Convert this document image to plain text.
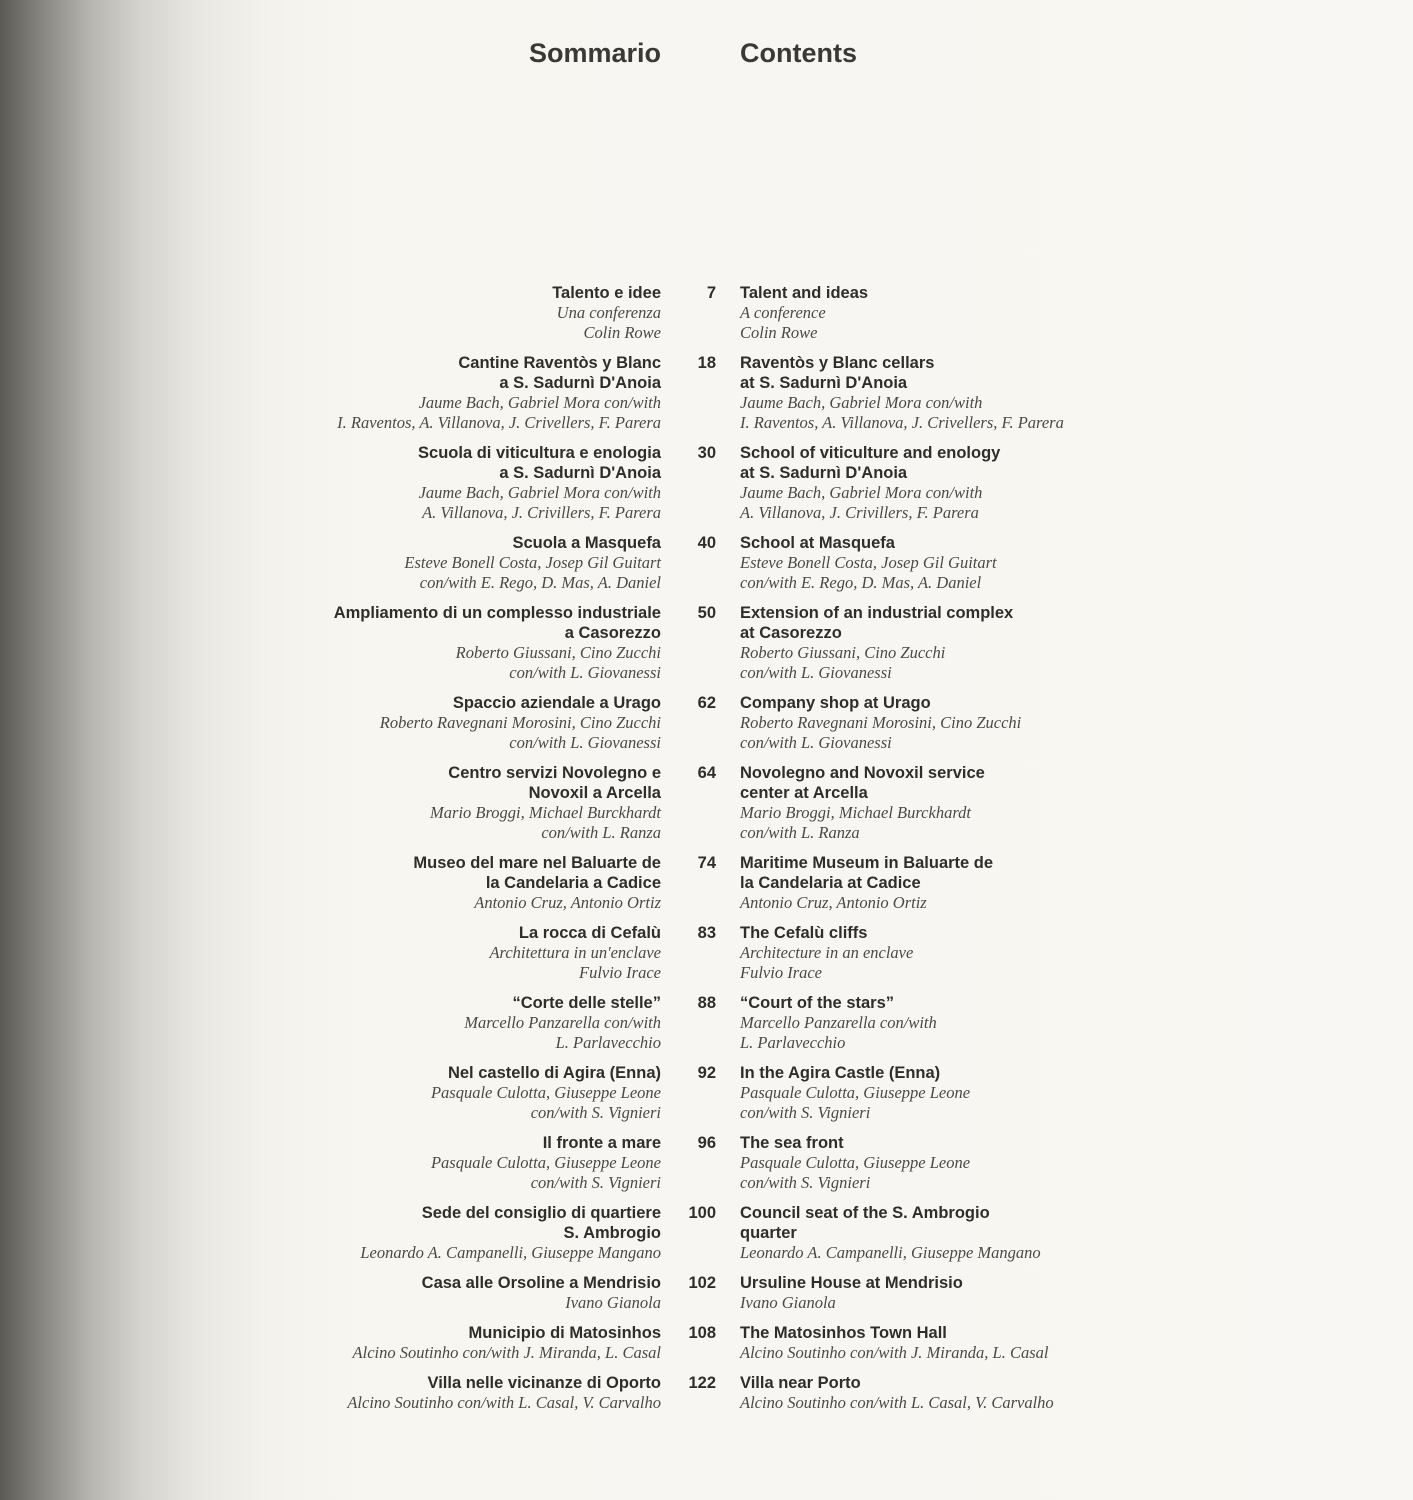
Sommario	Contents
Talento e idee
Una conferenza
Colin Rowe
7 Talent and ideas
A conference
Colin Rowe
Cantine Raventòs y Blanc
a S. Sadurnì D'Anoia
Jaume Bach, Gabriel Mora con/with
I. Raventos, A. Villanova, J. Crivellers, F. Parera
18 Raventòs y Blanc cellars
at S. Sadurnì D'Anoia
Jaume Bach, Gabriel Mora con/with
I. Raventos, A. Villanova, J. Crivellers, F. Parera
Scuola di viticultura e enologia
a S. Sadurnì D'Anoia
Jaume Bach, Gabriel Mora con/with
A. Villanova, J. Crivillers, F. Parera
30 School of viticulture and enology
at S. Sadurnì D'Anoia
Jaume Bach, Gabriel Mora con/with
A. Villanova, J. Crivillers, F. Parera
Scuola a Masquefa
Esteve Bonell Costa, Josep Gil Guitart
con/with E. Rego, D. Mas, A. Daniel
40 School at Masquefa
Esteve Bonell Costa, Josep Gil Guitart
con/with E. Rego, D. Mas, A. Daniel
Ampliamento di un complesso industriale
a Casorezzo
Roberto Giussani, Cino Zucchi
con/with L. Giovanessi
50 Extension of an industrial complex
at Casorezzo
Roberto Giussani, Cino Zucchi
con/with L. Giovanessi
Spaccio aziendale a Urago
Roberto Ravegnani Morosini, Cino Zucchi
con/with L. Giovanessi
62 Company shop at Urago
Roberto Ravegnani Morosini, Cino Zucchi
con/with L. Giovanessi
Centro servizi Novolegno e
Novoxil a Arcella
Mario Broggi, Michael Burckhardt
con/with L. Ranza
64 Novolegno and Novoxil service
center at Arcella
Mario Broggi, Michael Burckhardt
con/with L. Ranza
Museo del mare nel Baluarte de
la Candelaria a Cadice
Antonio Cruz, Antonio Ortiz
74 Maritime Museum in Baluarte de
la Candelaria at Cadice
Antonio Cruz, Antonio Ortiz
La rocca di Cefalù
Architettura in un'enclave
Fulvio Irace
83 The Cefalù cliffs
Architecture in an enclave
Fulvio Irace
“Corte delle stelle”
Marcello Panzarella con/with
L. Parlavecchio
88 “Court of the stars”
Marcello Panzarella con/with
L. Parlavecchio
Nel castello di Agira (Enna)
Pasquale Culotta, Giuseppe Leone
con/with S. Vignieri
92 In the Agira Castle (Enna)
Pasquale Culotta, Giuseppe Leone
con/with S. Vignieri
Il fronte a mare
Pasquale Culotta, Giuseppe Leone
con/with S. Vignieri
96 The sea front
Pasquale Culotta, Giuseppe Leone
con/with S. Vignieri
Sede del consiglio di quartiere
S. Ambrogio
Leonardo A. Campanelli, Giuseppe Mangano
100 Council seat of the S. Ambrogio
quarter
Leonardo A. Campanelli, Giuseppe Mangano
Casa alle Orsoline a Mendrisio
Ivano Gianola
102 Ursuline House at Mendrisio
Ivano Gianola
Municipio di Matosinhos
Alcino Soutinho con/with J. Miranda, L. Casal
108 The Matosinhos Town Hall
Alcino Soutinho con/with J. Miranda, L. Casal
Villa nelle vicinanze di Oporto
Alcino Soutinho con/with L. Casal, V. Carvalho
122 Villa near Porto
Alcino Soutinho con/with L. Casal, V. Carvalho
